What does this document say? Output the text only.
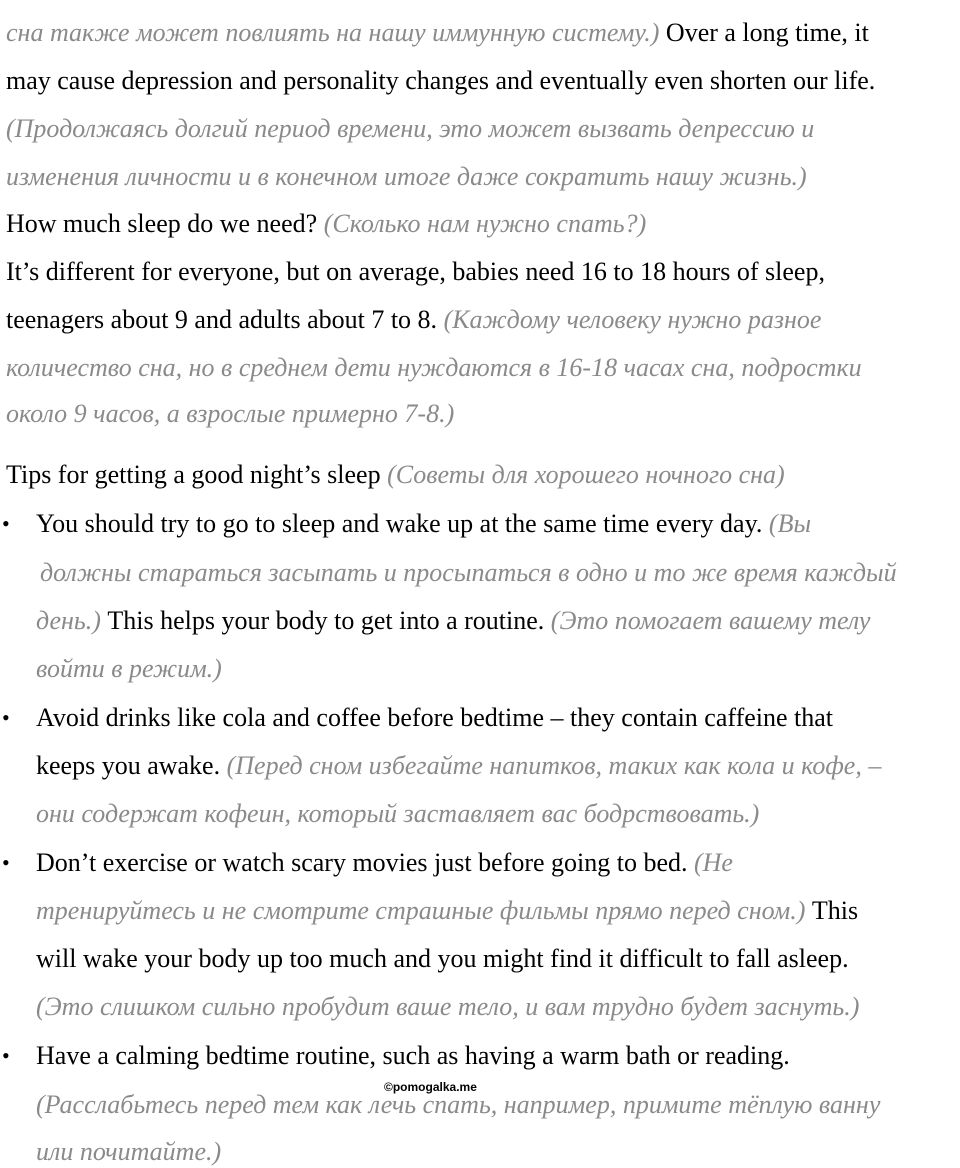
сна также может повлиять на нашу иммунную систему.) Over a long time, it
may cause depression and personality changes and eventually even shorten our life.
(Продолжаясь долгий период времени, это может вызвать депрессию и
изменения личности и в конечном итоге даже сократить нашу жизнь.)
How much sleep do we need? (Сколько нам нужно спать?)
It’s different for everyone, but on average, babies need 16 to 18 hours of sleep,
teenagers about 9 and adults about 7 to 8. (Каждому человеку нужно разное
количество сна, но в среднем дети нуждаются в 16-18 часах сна, подростки
около 9 часов, а взрослые примерно 7-8.)
Tips for getting a good night’s sleep (Советы для хорошего ночного сна)
• You should try to go to sleep and wake up at the same time every day. (Вы
должны стараться засыпать и просыпаться в одно и то же время каждый
день.) This helps your body to get into a routine. (Это помогает вашему телу
войти в режим.)
• Avoid drinks like cola and coffee before bedtime – they contain caffeine that
keeps you awake. (Перед сном избегайте напитков, таких как кола и кофе, –
они содержат кофеин, который заставляет вас бодрствовать.)
• Don’t exercise or watch scary movies just before going to bed. (Не
тренируйтесь и не смотрите страшные фильмы прямо перед сном.) This
will wake your body up too much and you might find it difficult to fall asleep.
(Это слишком сильно пробудит ваше тело, и вам трудно будет заснуть.)
• Have a calming bedtime routine, such as having a warm bath or reading.
(Расслабьтесь перед тем как лечь спать, например, примите тёплую ванну
или почитайте.)
©pomogalka.me
